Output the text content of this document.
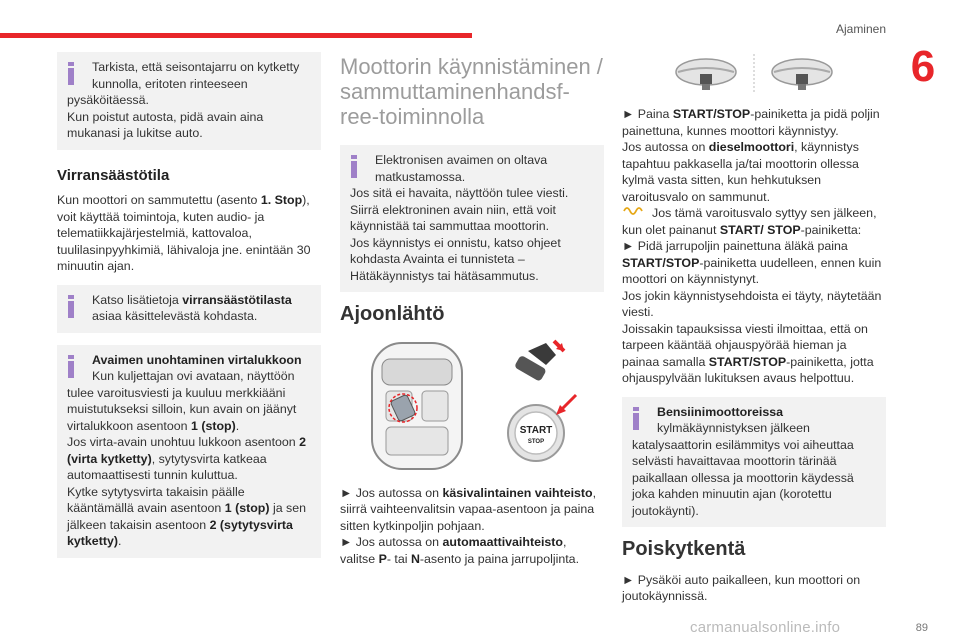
Ajaminen
6

Tarkista, että seisontajarru on kytketty

kunnolla, eritoten rinteeseen

pysäköitäessä.

Kun poistut autosta, pidä avain aina mukanasi ja lukitse auto.

Virransäästötila

Kun moottori on sammutettu (asento 1. Stop), voit käyttää toimintoja, kuten audio- ja telematiikkajärjestelmiä, kattovaloa, tuulilasinpyyhkimiä, lähivaloja jne. enintään 30 minuutin ajan.

Katso lisätietoja virransäästötilasta asiaa käsittelevästä kohdasta.

Avaimen unohtaminen virtalukkoon

Kun kuljettajan ovi avataan, näyttöön

tulee varoitusviesti ja kuuluu merkkiääni muistutukseksi silloin, kun avain on jäänyt virtalukkoon asentoon 1 (stop).

Jos virta-avain unohtuu lukkoon asentoon 2 (virta kytketty), sytytysvirta katkeaa automaattisesti tunnin kuluttua.

Kytke sytytysvirta takaisin päälle kääntämällä avain asentoon 1 (stop) ja sen jälkeen takaisin asentoon 2 (sytytysvirta kytketty).

Moottorin käynnistäminen / sammuttaminenhandsf-ree-toiminnolla

Elektronisen avaimen on oltava

matkustamossa.

Jos sitä ei havaita, näyttöön tulee viesti. Siirrä elektroninen avain niin, että voit käynnistää tai sammuttaa moottorin.

Jos käynnistys ei onnistu, katso ohjeet kohdasta Avainta ei tunnisteta – Hätäkäynnistys tai hätäsammutus.

Ajoonlähtö
START
STOP

► Jos autossa on käsivalintainen vaihteisto, siirrä vaihteenvalitsin vapaa-asentoon ja paina sitten kytkinpoljin pohjaan.

► Jos autossa on automaattivaihteisto, valitse P- tai N-asento ja paina jarrupoljinta.

► Paina START/STOP-painiketta ja pidä poljin painettuna, kunnes moottori käynnistyy.

Jos autossa on dieselmoottori, käynnistys tapahtuu pakkasella ja/tai moottorin ollessa kylmä vasta sitten, kun hehkutuksen varoitusvalo on sammunut.

Jos tämä varoitusvalo syttyy sen jälkeen, kun olet painanut START/ STOP-painiketta:

► Pidä jarrupoljin painettuna äläkä paina START/STOP-painiketta uudelleen, ennen kuin moottori on käynnistynyt.

Jos jokin käynnistysehdoista ei täyty, näytetään viesti.

Joissakin tapauksissa viesti ilmoittaa, että on tarpeen kääntää ohjauspyörää hieman ja painaa samalla START/STOP-painiketta, jotta ohjauspylvään lukituksen avaus helpottuu.

Bensiinimoottoreissa

kylmäkäynnistyksen jälkeen katalysaattorin esilämmitys voi aiheuttaa selvästi havaittavaa moottorin tärinää paikallaan ollessa ja moottorin käydessä joka kahden minuutin ajan (korotettu joutokäynti).

Poiskytkentä

► Pysäköi auto paikalleen, kun moottori on joutokäynnissä.

carmanualsonline.info	89
